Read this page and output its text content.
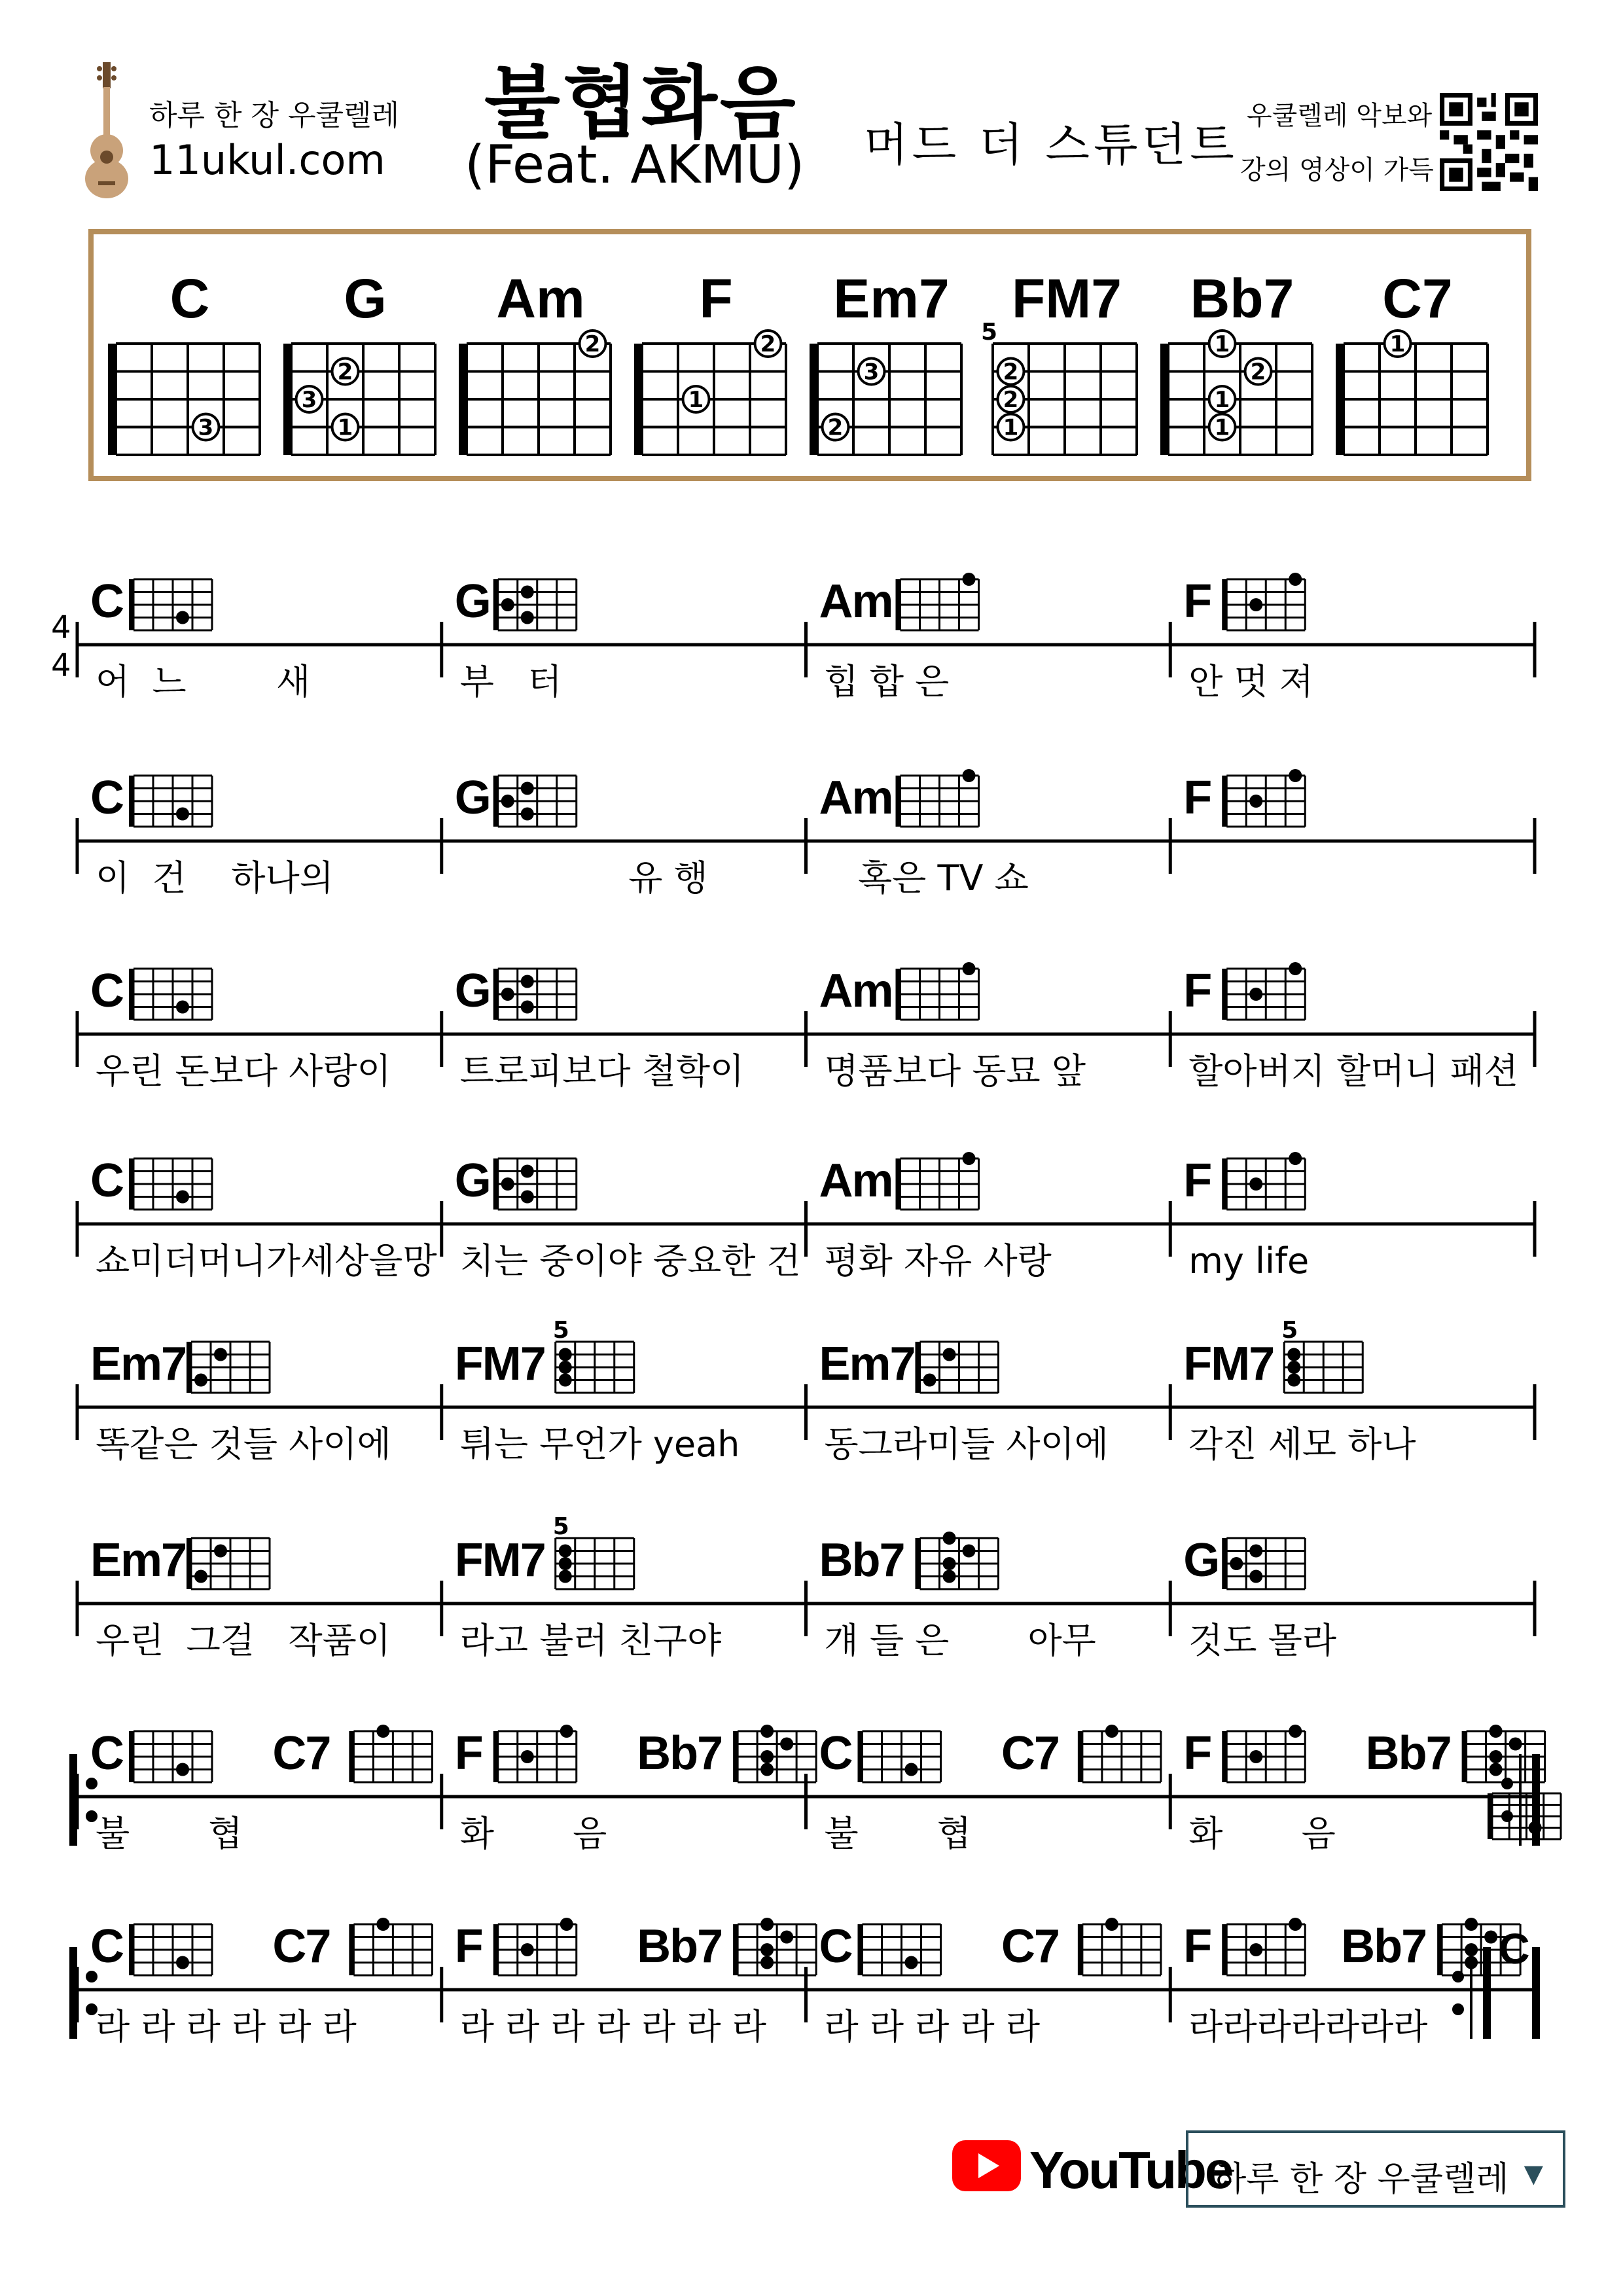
하루 한 장 우쿨렐레
11ukul.com
불협화음
(Feat. AKMU) 머드 더 스튜던트
우쿨렐레 악보와
강의 영상이 가득
C
3
G
2
3
1
Am
2
F
2
1
Em7
3
2
FM7
5
2
1
2
Bb7
1
1
1
2
C7
1
4
4
C
어  느        새
G
부   터
Am
힙 합 은
F
안 멋 져
C
이  건    하나의
G
유 행
Am
혹은 TV 쇼
F
C
우린 돈보다 사랑이
G
트로피보다 철학이
Am
명품보다 동묘 앞
F
할아버지 할머니 패션
C
쇼미더머니가세상을망
G
치는 중이야 중요한 건
Am
평화 자유 사랑
F
my life
Em7
똑같은 것들 사이에
FM7
5
튀는 무언가 yeah
Em7
동그라미들 사이에
FM7
5
각진 세모 하나
Em7
우린  그걸   작품이
FM7
5
라고 불러 친구야
Bb7
걔 들 은       아무
G
것도 몰라
C	C7
불       협
F	Bb7
화       음
C	C7
불       협
F	Bb7
화       음
C	C7
라 라 라 라 라 라
F	Bb7
라 라 라 라 라 라 라
C	C7
라 라 라 라 라
F	Bb7
라라라라라라라
C
YouTube
하루 한 장 우쿨렐레 ▼
